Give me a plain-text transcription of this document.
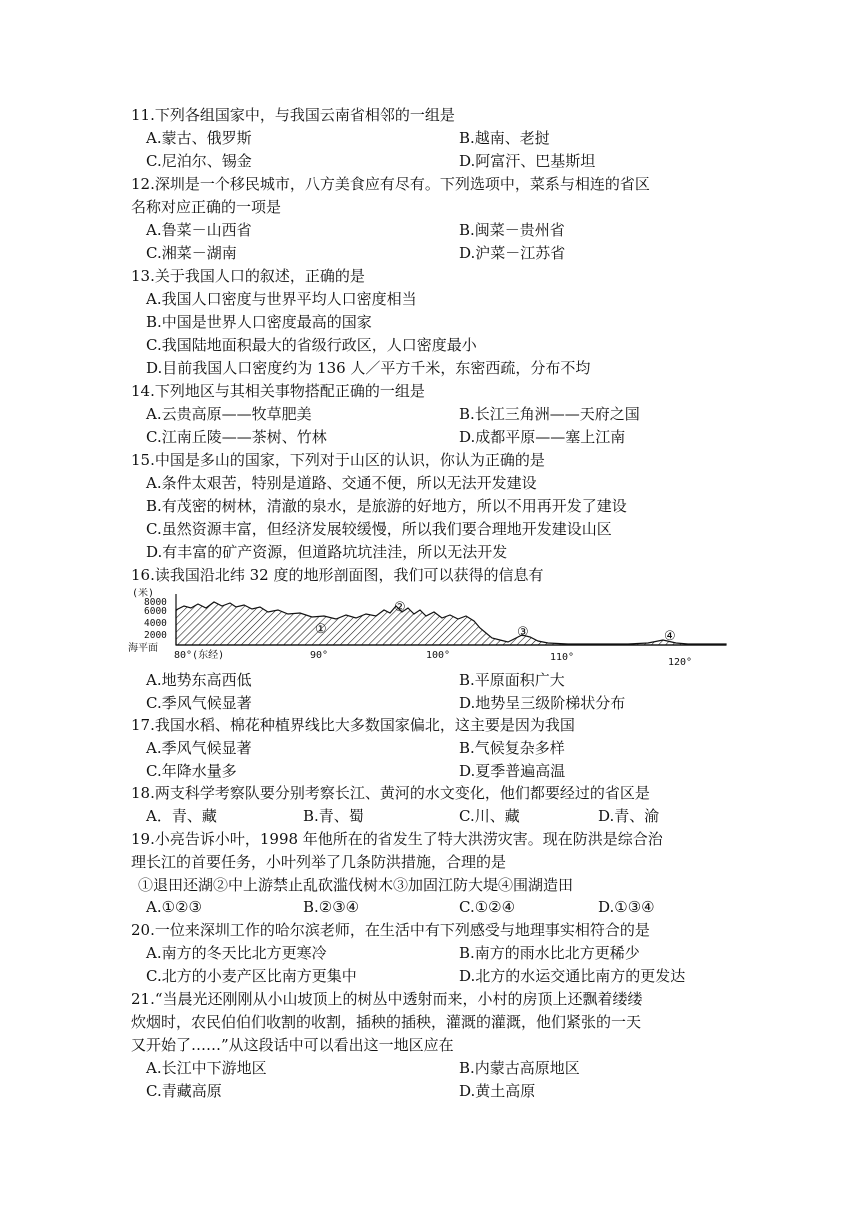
11.下列各组国家中，与我国云南省相邻的一组是
A.蒙古、俄罗斯	B.越南、老挝
C.尼泊尔、锡金	D.阿富汗、巴基斯坦
12.深圳是一个移民城市，八方美食应有尽有。下列选项中，菜系与相连的省区
名称对应正确的一项是
A.鲁菜－山西省	B.闽菜－贵州省
C.湘菜－湖南	D.沪菜－江苏省
13.关于我国人口的叙述，正确的是
A.我国人口密度与世界平均人口密度相当
B.中国是世界人口密度最高的国家
C.我国陆地面积最大的省级行政区，人口密度最小
D.目前我国人口密度约为 136 人／平方千米，东密西疏，分布不均
14.下列地区与其相关事物搭配正确的一组是
A.云贵高原——牧草肥美	B.长江三角洲——天府之国
C.江南丘陵——茶树、竹林	D.成都平原——塞上江南
15.中国是多山的国家，下列对于山区的认识，你认为正确的是
A.条件太艰苦，特别是道路、交通不便，所以无法开发建设
B.有茂密的树林，清澈的泉水，是旅游的好地方，所以不用再开发了建设
C.虽然资源丰富，但经济发展较缓慢，所以我们要合理地开发建设山区
D.有丰富的矿产资源，但道路坑坑洼洼，所以无法开发
16.读我国沿北纬 32 度的地形剖面图，我们可以获得的信息有
(米)
8000
6000
4000
2000
海平面
①
②
③	④
80°(东经)	90°	100°	110°	120°
A.地势东高西低	B.平原面积广大
C.季风气候显著	D.地势呈三级阶梯状分布
17.我国水稻、棉花种植界线比大多数国家偏北，这主要是因为我国
A.季风气候显著	B.气候复杂多样
C.年降水量多	D.夏季普遍高温
18.两支科学考察队要分别考察长江、黄河的水文变化，他们都要经过的省区是
A．青、藏	B.青、蜀	C.川、藏	D.青、渝
19.小亮告诉小叶，1998 年他所在的省发生了特大洪涝灾害。现在防洪是综合治
理长江的首要任务，小叶列举了几条防洪措施，合理的是
①退田还湖②中上游禁止乱砍滥伐树木③加固江防大堤④围湖造田
A.①②③	B.②③④	C.①②④	D.①③④
20.一位来深圳工作的哈尔滨老师，在生活中有下列感受与地理事实相符合的是
A.南方的冬天比北方更寒冷	B.南方的雨水比北方更稀少
C.北方的小麦产区比南方更集中	D.北方的水运交通比南方的更发达
21.“当晨光还刚刚从小山坡顶上的树丛中透射而来，小村的房顶上还飘着缕缕
炊烟时，农民伯伯们收割的收割，插秧的插秧，灌溉的灌溉，他们紧张的一天
又开始了……”从这段话中可以看出这一地区应在
A.长江中下游地区	B.内蒙古高原地区
C.青藏高原	D.黄土高原
